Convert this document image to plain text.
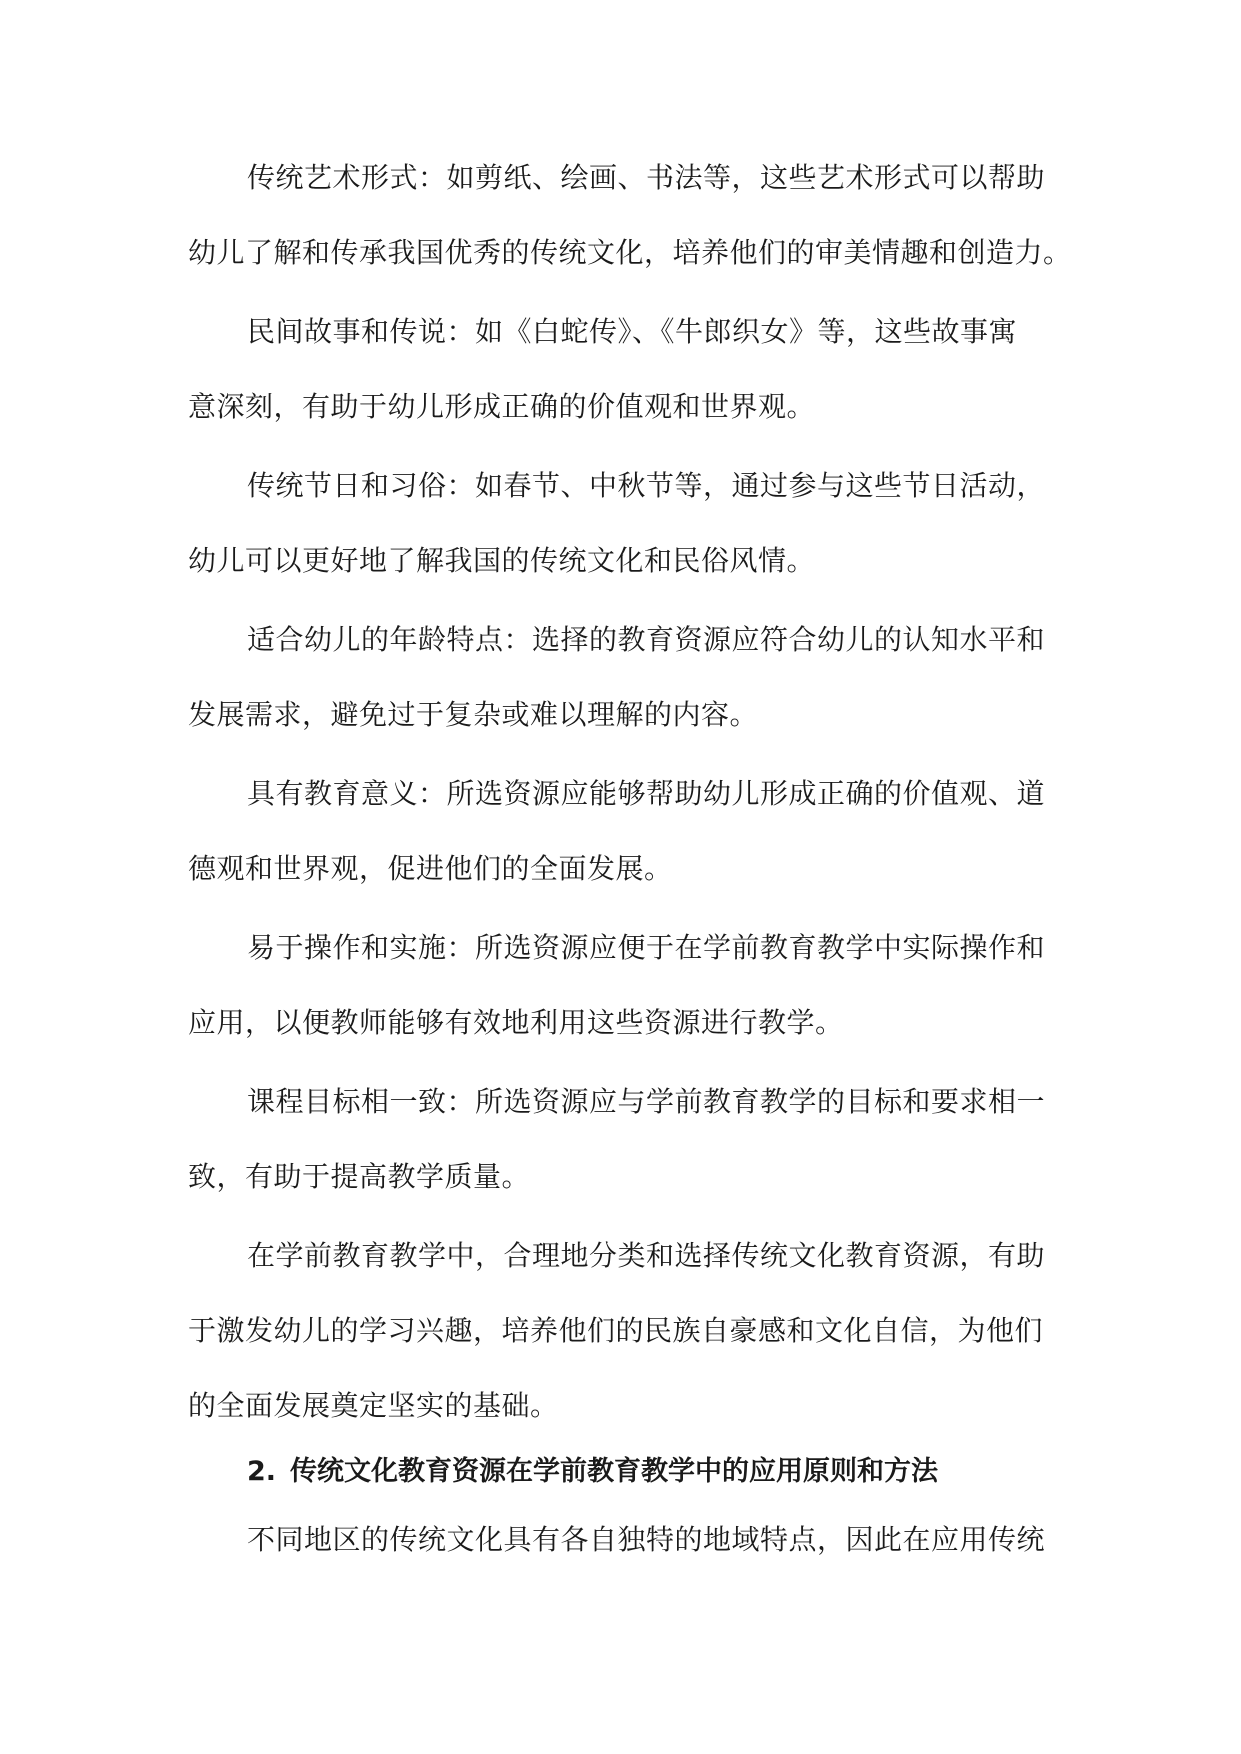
传统艺术形式：如剪纸、绘画、书法等，这些艺术形式可以帮助
幼儿了解和传承我国优秀的传统文化，培养他们的审美情趣和创造力。

民间故事和传说：如《白蛇传》、《牛郎织女》等，这些故事寓
意深刻，有助于幼儿形成正确的价值观和世界观。

传统节日和习俗：如春节、中秋节等，通过参与这些节日活动，
幼儿可以更好地了解我国的传统文化和民俗风情。

适合幼儿的年龄特点：选择的教育资源应符合幼儿的认知水平和
发展需求，避免过于复杂或难以理解的内容。

具有教育意义：所选资源应能够帮助幼儿形成正确的价值观、道
德观和世界观，促进他们的全面发展。

易于操作和实施：所选资源应便于在学前教育教学中实际操作和
应用，以便教师能够有效地利用这些资源进行教学。

课程目标相一致：所选资源应与学前教育教学的目标和要求相一
致，有助于提高教学质量。

在学前教育教学中，合理地分类和选择传统文化教育资源，有助
于激发幼儿的学习兴趣，培养他们的民族自豪感和文化自信，为他们
的全面发展奠定坚实的基础。

2. 传统文化教育资源在学前教育教学中的应用原则和方法

不同地区的传统文化具有各自独特的地域特点，因此在应用传统
